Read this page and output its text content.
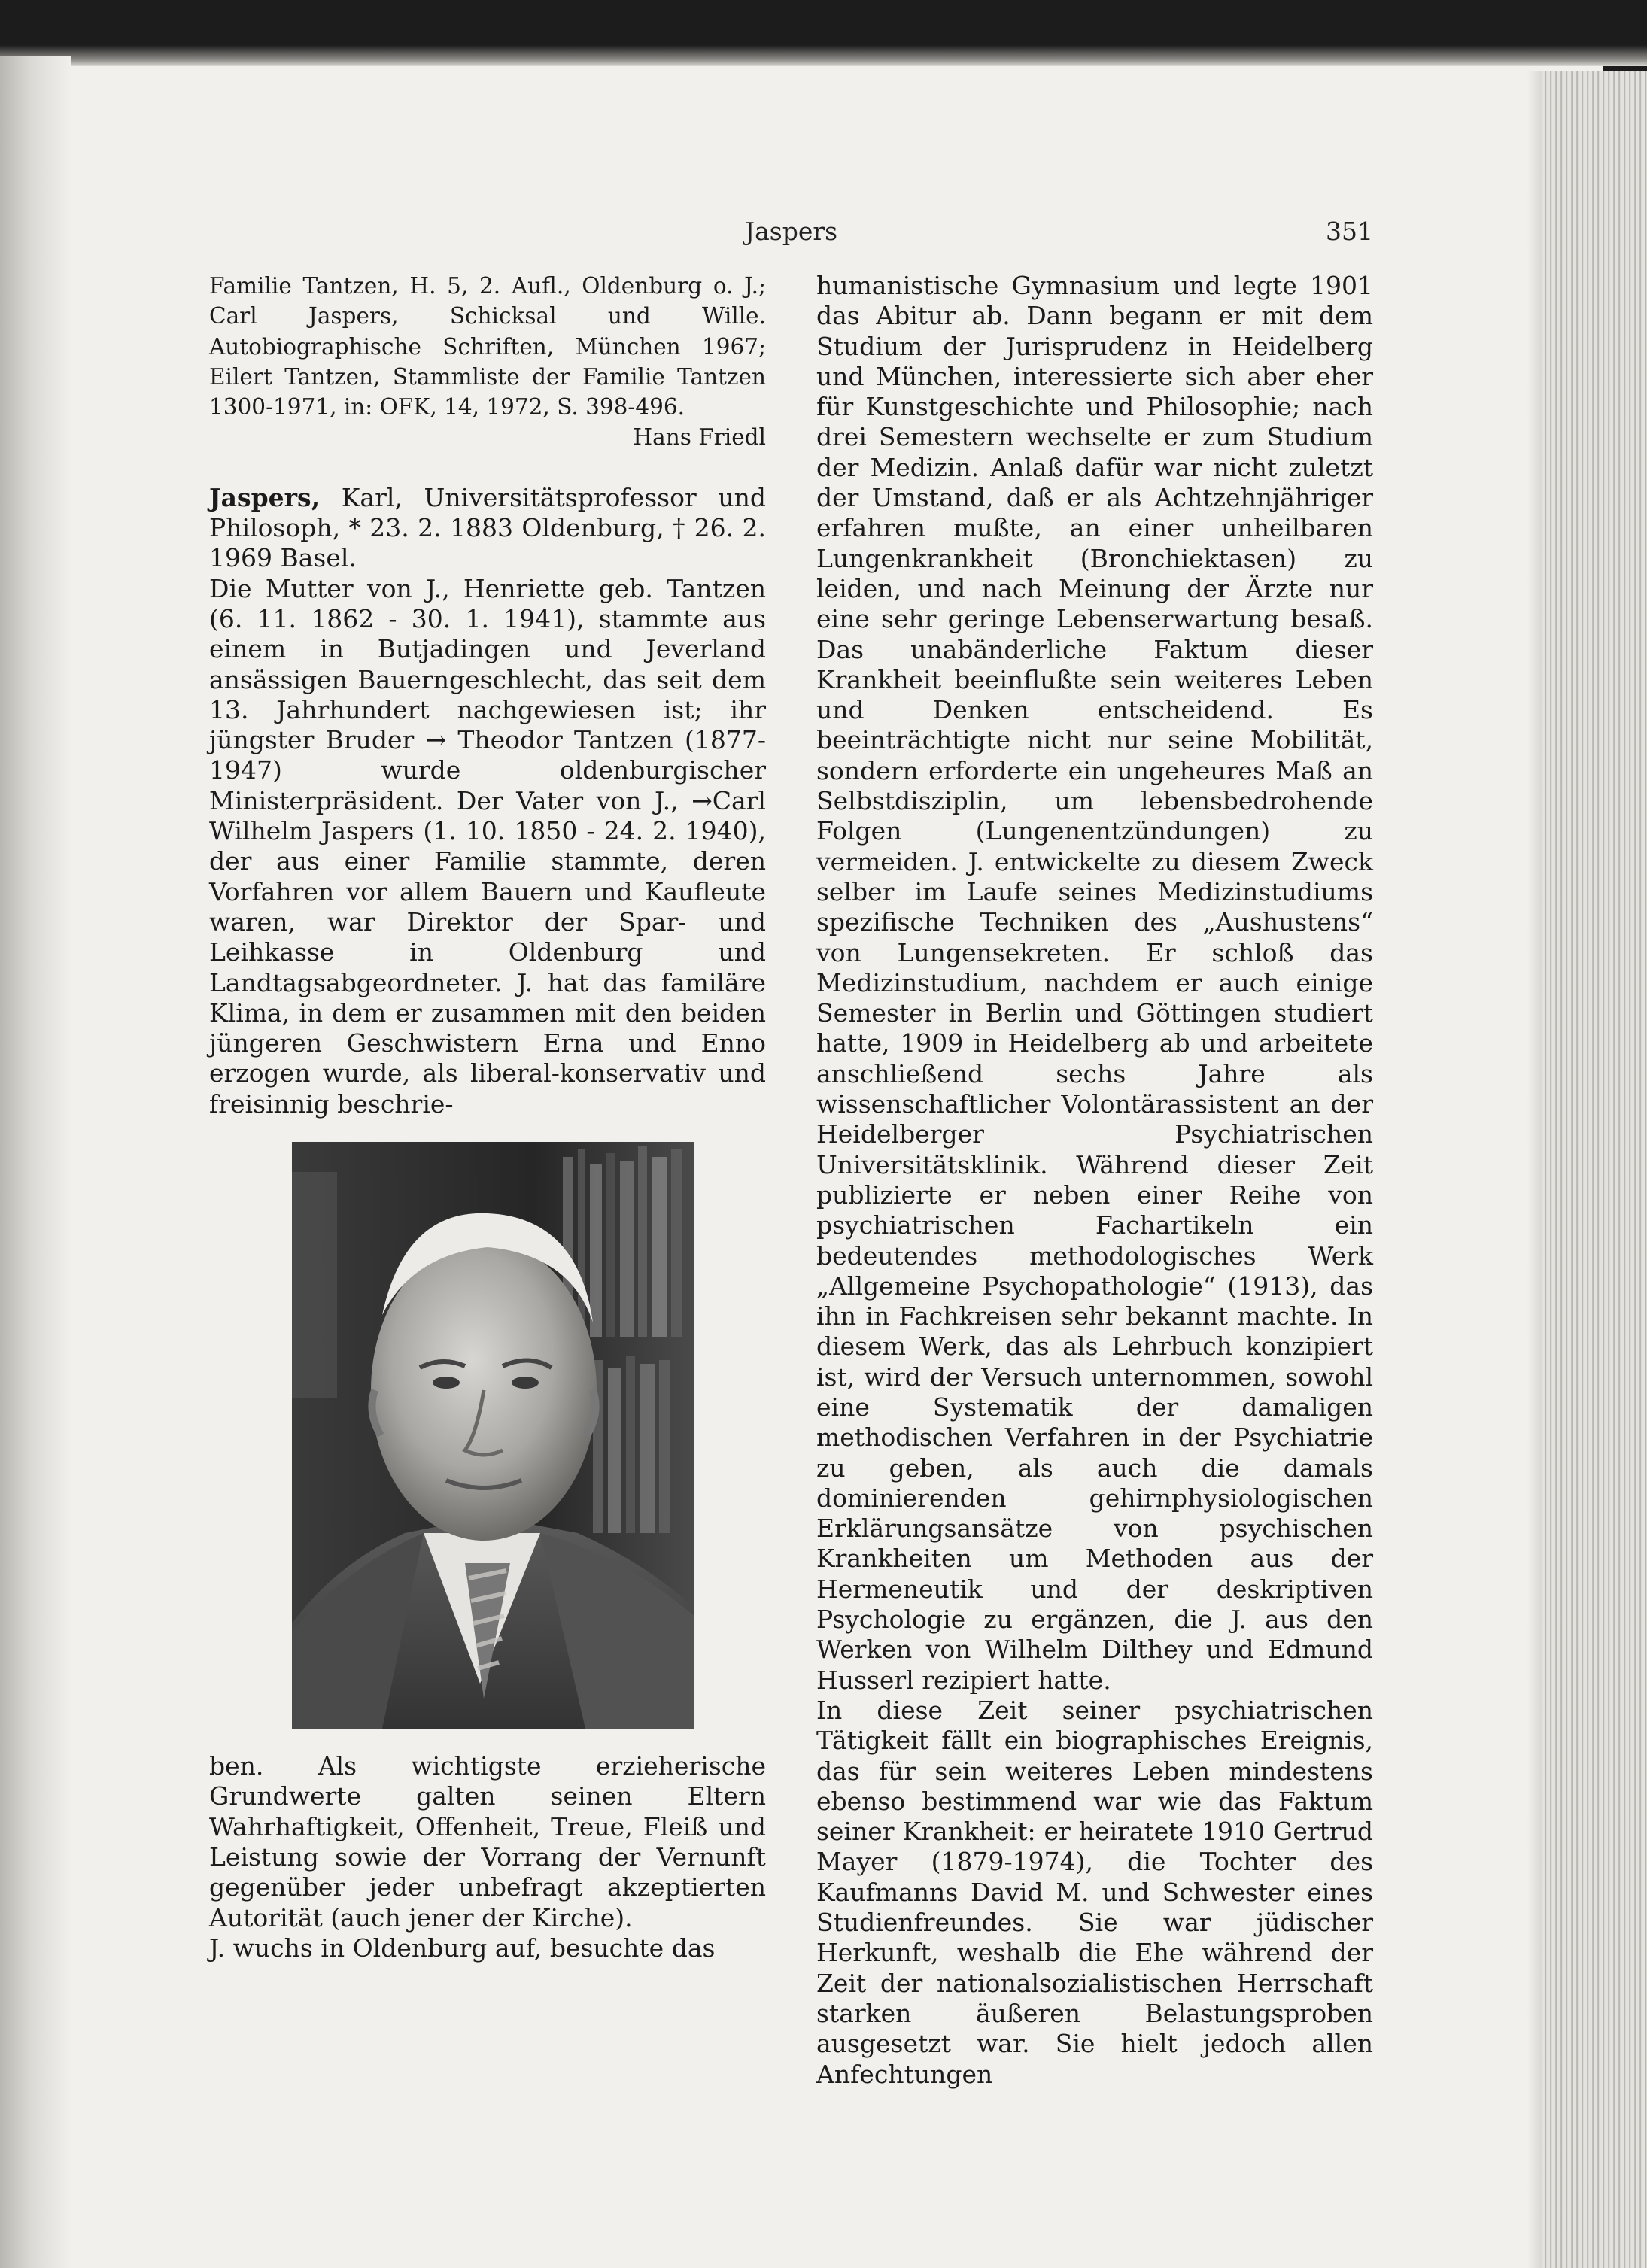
Jaspers	351

Familie Tantzen, H. 5, 2. Aufl., Oldenburg o. J.; Carl Jaspers, Schicksal und Wille. Autobiographische Schriften, München 1967; Eilert Tantzen, Stammliste der Familie Tantzen 1300-1971, in: OFK, 14, 1972, S. 398-496.

Hans Friedl

Jaspers, Karl, Universitätsprofessor und Philosoph, * 23. 2. 1883 Oldenburg, † 26. 2. 1969 Basel.

Die Mutter von J., Henriette geb. Tantzen (6. 11. 1862 - 30. 1. 1941), stammte aus einem in Butjadingen und Jeverland ansässigen Bauerngeschlecht, das seit dem 13. Jahrhundert nachgewiesen ist; ihr jüngster Bruder → Theodor Tantzen (1877-1947) wurde oldenburgischer Ministerpräsident. Der Vater von J., →Carl Wilhelm Jaspers (1. 10. 1850 - 24. 2. 1940), der aus einer Familie stammte, deren Vorfahren vor allem Bauern und Kaufleute waren, war Direktor der Spar- und Leihkasse in Oldenburg und Landtagsabgeordneter. J. hat das familäre Klima, in dem er zusammen mit den beiden jüngeren Geschwistern Erna und Enno erzogen wurde, als liberal-konservativ und freisinnig beschrie-

ben. Als wichtigste erzieherische Grundwerte galten seinen Eltern Wahrhaftigkeit, Offenheit, Treue, Fleiß und Leistung sowie der Vorrang der Vernunft gegenüber jeder unbefragt akzeptierten Autorität (auch jener der Kirche).

J. wuchs in Oldenburg auf, besuchte das

humanistische Gymnasium und legte 1901 das Abitur ab. Dann begann er mit dem Studium der Jurisprudenz in Heidelberg und München, interessierte sich aber eher für Kunstgeschichte und Philosophie; nach drei Semestern wechselte er zum Studium der Medizin. Anlaß dafür war nicht zuletzt der Umstand, daß er als Achtzehnjähriger erfahren mußte, an einer unheilbaren Lungenkrankheit (Bronchiektasen) zu leiden, und nach Meinung der Ärzte nur eine sehr geringe Lebenserwartung besaß. Das unabänderliche Faktum dieser Krankheit beeinflußte sein weiteres Leben und Denken entscheidend. Es beeinträchtigte nicht nur seine Mobilität, sondern erforderte ein ungeheures Maß an Selbstdisziplin, um lebensbedrohende Folgen (Lungenentzündungen) zu vermeiden. J. entwickelte zu diesem Zweck selber im Laufe seines Medizinstudiums spezifische Techniken des „Aushustens“ von Lungensekreten. Er schloß das Medizinstudium, nachdem er auch einige Semester in Berlin und Göttingen studiert hatte, 1909 in Heidelberg ab und arbeitete anschließend sechs Jahre als wissenschaftlicher Volontärassistent an der Heidelberger Psychiatrischen Universitätsklinik. Während dieser Zeit publizierte er neben einer Reihe von psychiatrischen Fachartikeln ein bedeutendes methodologisches Werk „Allgemeine Psychopathologie“ (1913), das ihn in Fachkreisen sehr bekannt machte. In diesem Werk, das als Lehrbuch konzipiert ist, wird der Versuch unternommen, sowohl eine Systematik der damaligen methodischen Verfahren in der Psychiatrie zu geben, als auch die damals dominierenden gehirnphysiologischen Erklärungsansätze von psychischen Krankheiten um Methoden aus der Hermeneutik und der deskriptiven Psychologie zu ergänzen, die J. aus den Werken von Wilhelm Dilthey und Edmund Husserl rezipiert hatte.

In diese Zeit seiner psychiatrischen Tätigkeit fällt ein biographisches Ereignis, das für sein weiteres Leben mindestens ebenso bestimmend war wie das Faktum seiner Krankheit: er heiratete 1910 Gertrud Mayer (1879-1974), die Tochter des Kaufmanns David M. und Schwester eines Studienfreundes. Sie war jüdischer Herkunft, weshalb die Ehe während der Zeit der nationalsozialistischen Herrschaft starken äußeren Belastungsproben ausgesetzt war. Sie hielt jedoch allen Anfechtungen
